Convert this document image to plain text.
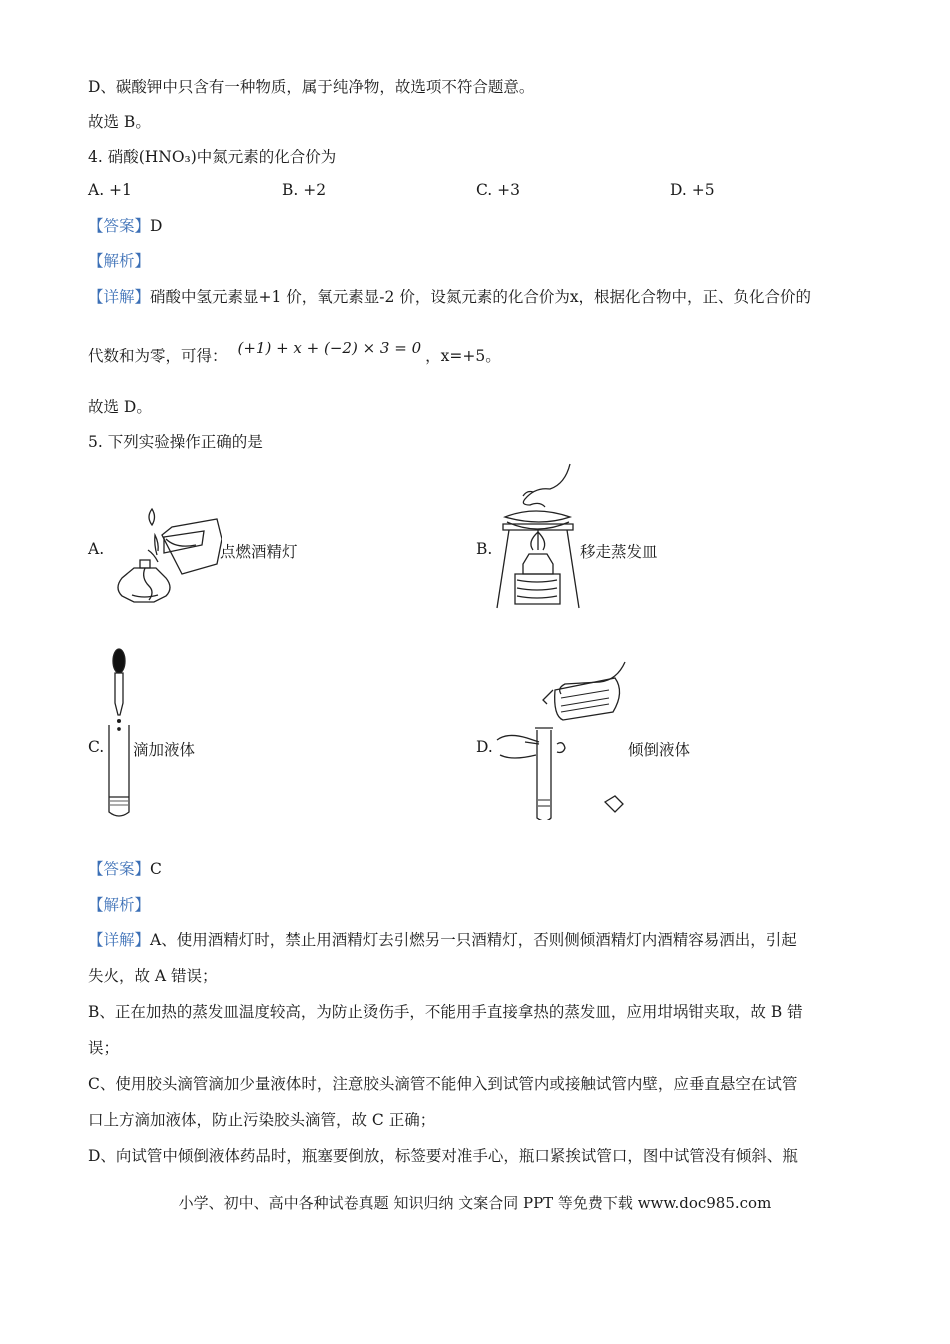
D、碳酸钾中只含有一种物质，属于纯净物，故选项不符合题意。
故选 B。
4. 硝酸(HNO₃)中氮元素的化合价为
A. +1	B. +2	C. +3	D. +5
【答案】D
【解析】
【详解】硝酸中氢元素显+1 价，氧元素显-2 价，设氮元素的化合价为x，根据化合物中，正、负化合价的
代数和为零，可得： (+1) + x + (−2) × 3 = 0 ，x=+5。
故选 D。
5. 下列实验操作正确的是
A.	点燃酒精灯	B.	移走蒸发皿
C. 滴加液体	D.	倾倒液体
【答案】C
【解析】
【详解】A、使用酒精灯时，禁止用酒精灯去引燃另一只酒精灯，否则侧倾酒精灯内酒精容易洒出，引起
失火，故 A 错误；
B、正在加热的蒸发皿温度较高，为防止烫伤手，不能用手直接拿热的蒸发皿，应用坩埚钳夹取，故 B 错
误；
C、使用胶头滴管滴加少量液体时，注意胶头滴管不能伸入到试管内或接触试管内壁，应垂直悬空在试管
口上方滴加液体，防止污染胶头滴管，故 C 正确；
D、向试管中倾倒液体药品时，瓶塞要倒放，标签要对准手心，瓶口紧挨试管口，图中试管没有倾斜、瓶
小学、初中、高中各种试卷真题 知识归纳 文案合同 PPT 等免费下载 www.doc985.com
